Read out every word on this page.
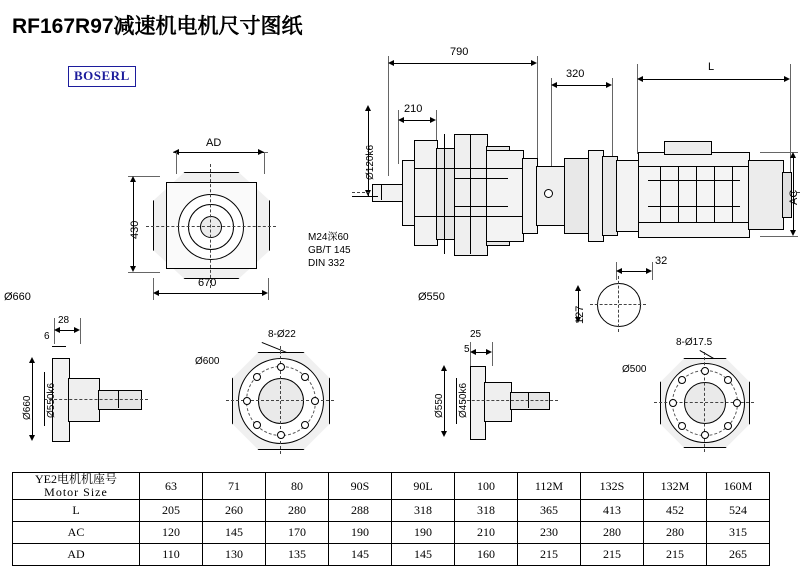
RF167R97减速机电机尺寸图纸
BOSERL
AD
430
670
790
320
L
210
Ø120k6
AC
M24深60
GB/T 145
DIN 332	32
127
Ø550
Ø660
28
6
Ø660 Ø550k6
8-Ø22
Ø600
25
5
Ø550 Ø450k6
8-Ø17.5
Ø500
YE2电机机座号
Motor Size	63	71	80	90S	90L	100	112M	132S	132M	160M
L	205	260	280	288	318	318	365	413	452	524
AC	120	145	170	190	190	210	230	280	280	315
AD	110	130	135	145	145	160	215	215	215	265
